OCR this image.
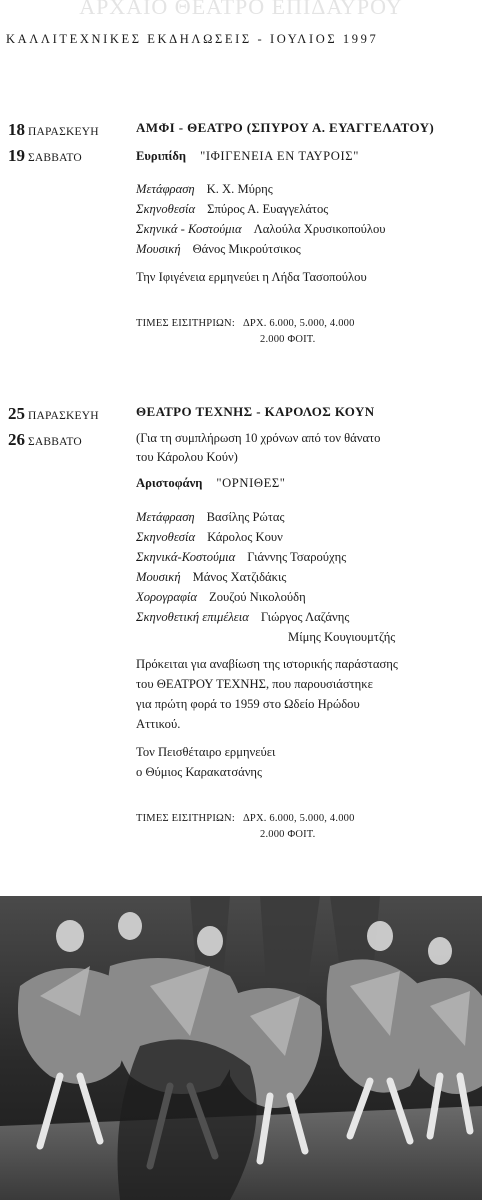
ΑΡΧΑΙΟ ΘΕΑΤΡΟ ΕΠΙΔΑΥΡΟΥ
ΚΑΛΛΙΤΕΧΝΙΚΕΣ ΕΚΔΗΛΩΣΕΙΣ - ΙΟΥΛΙΟΣ 1997
18 ΠΑΡΑΣΚΕΥΗ
19 ΣΑΒΒΑΤΟ
ΑΜΦΙ - ΘΕΑΤΡΟ (ΣΠΥΡΟΥ Α. ΕΥΑΓΓΕΛΑΤΟΥ)
Ευριπίδη "ΙΦΙΓΕΝΕΙΑ ΕΝ ΤΑΥΡΟΙΣ"
Μετάφραση Κ. Χ. Μύρης
Σκηνοθεσία Σπύρος Α. Ευαγγελάτος
Σκηνικά - Κοστούμια Λαλούλα Χρυσικοπούλου
Μουσική Θάνος Μικρούτσικος
Την Ιφιγένεια ερμηνεύει η Λήδα Τασοπούλου
ΤΙΜΕΣ ΕΙΣΙΤΗΡΙΩΝ: ΔΡΧ. 6.000, 5.000, 4.000
2.000 ΦΟΙΤ.
25 ΠΑΡΑΣΚΕΥΗ
26 ΣΑΒΒΑΤΟ
ΘΕΑΤΡΟ ΤΕΧΝΗΣ - ΚΑΡΟΛΟΣ ΚΟΥΝ
(Για τη συμπλήρωση 10 χρόνων από τον θάνατο
του Κάρολου Κούν)
Αριστοφάνη "ΟΡΝΙΘΕΣ"
Μετάφραση Βασίλης Ρώτας
Σκηνοθεσία Κάρολος Κουν
Σκηνικά-Κοστούμια Γιάννης Τσαρούχης
Μουσική Μάνος Χατζιδάκις
Χορογραφία Ζουζού Νικολούδη
Σκηνοθετική επιμέλεια Γιώργος Λαζάνης
Μίμης Κουγιουμτζής
Πρόκειται για αναβίωση της ιστορικής παράστασης
του ΘΕΑΤΡΟΥ ΤΕΧΝΗΣ, που παρουσιάστηκε
για πρώτη φορά το 1959 στο Ωδείο Ηρώδου
Αττικού.
Τον Πεισθέταιρο ερμηνεύει
ο Θύμιος Καρακατσάνης
ΤΙΜΕΣ ΕΙΣΙΤΗΡΙΩΝ: ΔΡΧ. 6.000, 5.000, 4.000
2.000 ΦΟΙΤ.
